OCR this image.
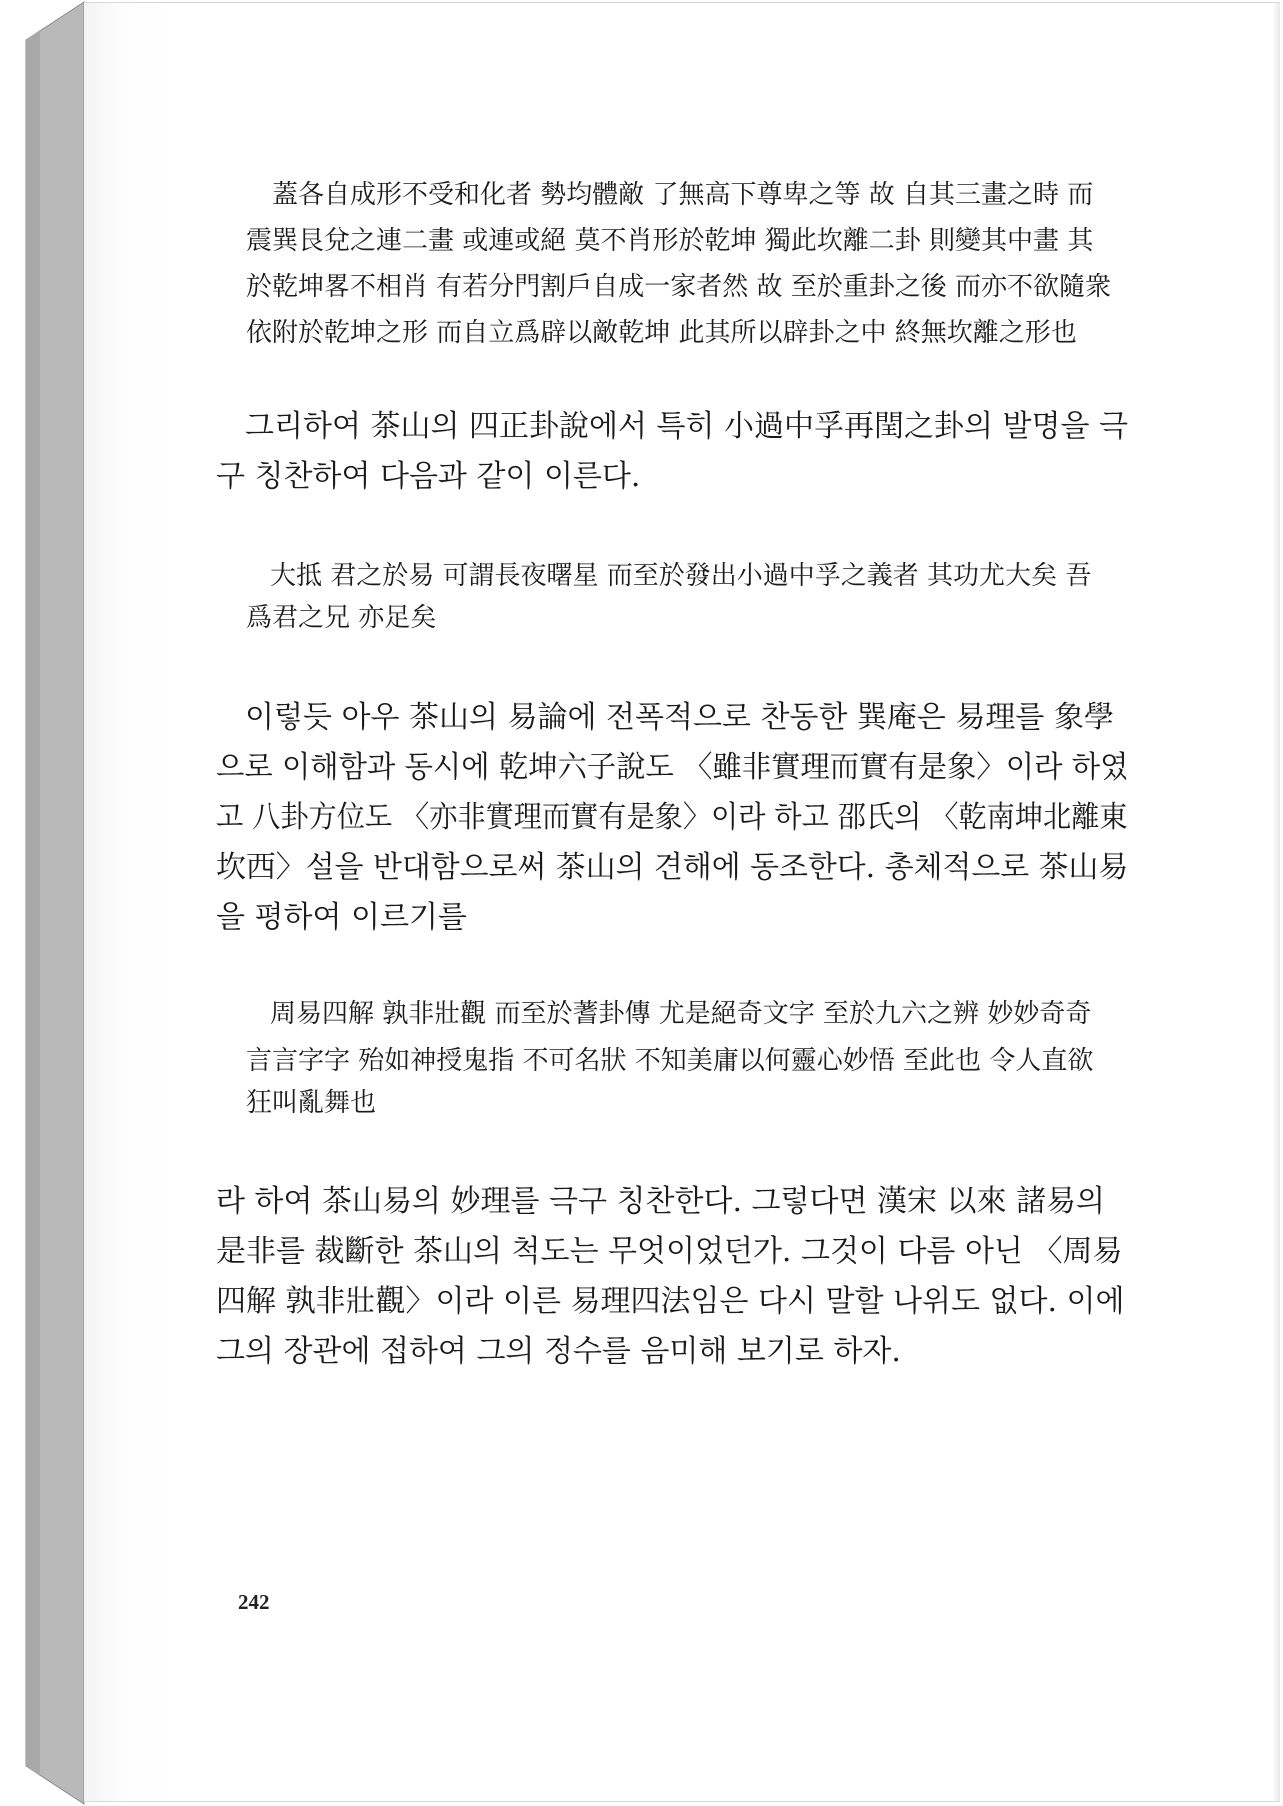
蓋各自成形不受和化者 勢均體敵 了無高下尊卑之等 故 自其三畫之時 而
震巽艮兌之連二畫 或連或絕 莫不肖形於乾坤 獨此坎離二卦 則變其中畫 其
於乾坤畧不相肖 有若分門割戶自成一家者然 故 至於重卦之後 而亦不欲隨衆
依附於乾坤之形 而自立爲辟以敵乾坤 此其所以辟卦之中 終無坎離之形也
그리하여 茶山의 四正卦說에서 특히 小過中孚再閏之卦의 발명을 극
구 칭찬하여 다음과 같이 이른다.
大抵 君之於易 可謂長夜曙星 而至於發出小過中孚之義者 其功尤大矣 吾
爲君之兄 亦足矣
이렇듯 아우 茶山의 易論에 전폭적으로 찬동한 巽庵은 易理를 象學
으로 이해함과 동시에 乾坤六子說도 〈雖非實理而實有是象〉이라 하였
고 八卦方位도 〈亦非實理而實有是象〉이라 하고 邵氏의 〈乾南坤北離東
坎西〉설을 반대함으로써 茶山의 견해에 동조한다. 총체적으로 茶山易
을 평하여 이르기를
周易四解 孰非壯觀 而至於蓍卦傳 尤是絕奇文字 至於九六之辨 妙妙奇奇
言言字字 殆如神授鬼指 不可名狀 不知美庸以何靈心妙悟 至此也 令人直欲
狂叫亂舞也
라 하여 茶山易의 妙理를 극구 칭찬한다. 그렇다면 漢宋 以來 諸易의
是非를 裁斷한 茶山의 척도는 무엇이었던가. 그것이 다름 아닌 〈周易
四解 孰非壯觀〉이라 이른 易理四法임은 다시 말할 나위도 없다. 이에
그의 장관에 접하여 그의 정수를 음미해 보기로 하자.
242
